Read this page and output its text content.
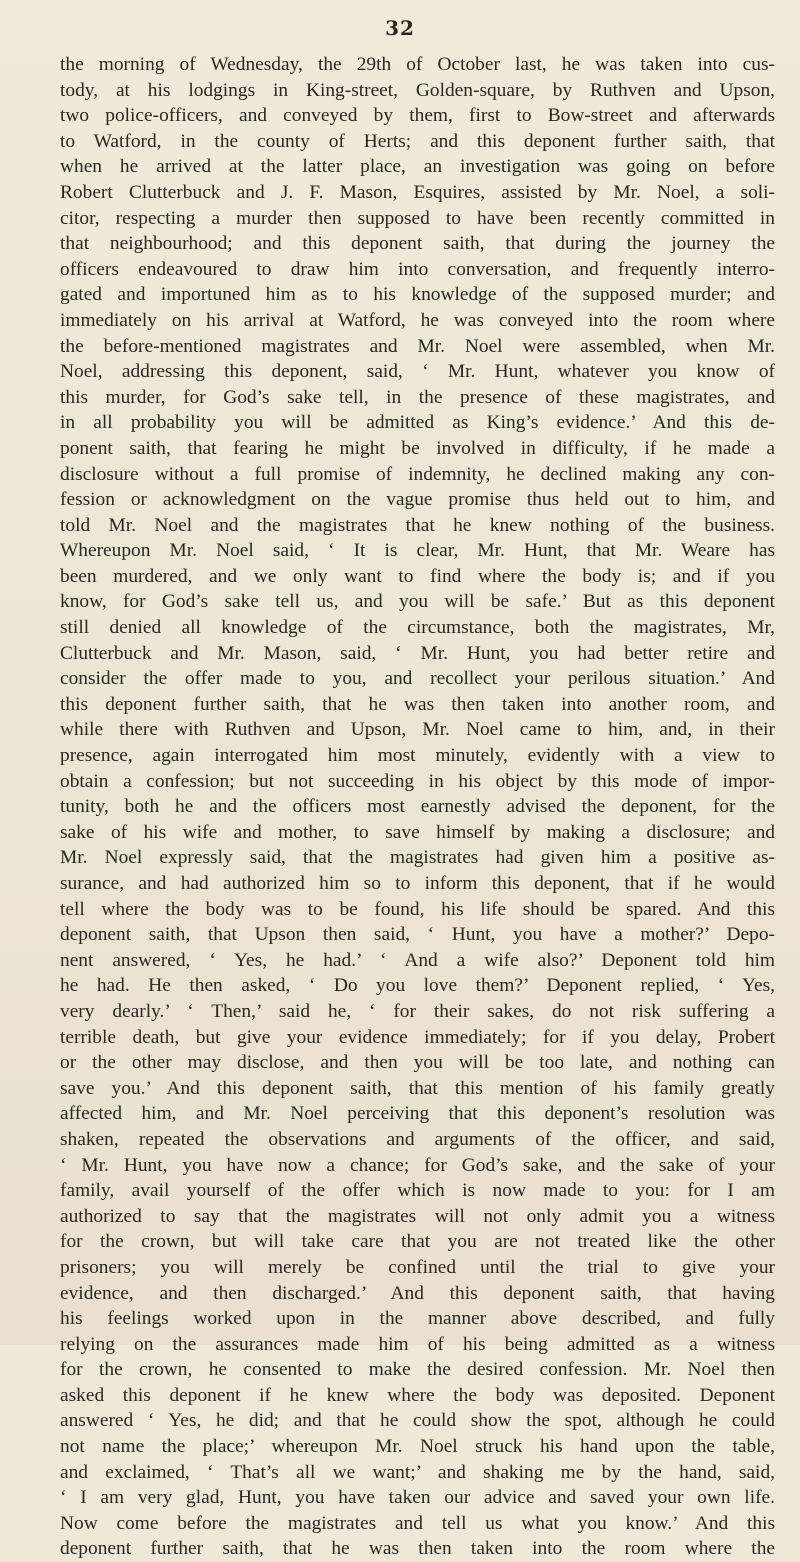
32
the morning of Wednesday, the 29th of October last, he was taken into cus-
tody, at his lodgings in King-street, Golden-square, by Ruthven and Upson,
two police-officers, and conveyed by them, first to Bow-street and afterwards
to Watford, in the county of Herts; and this deponent further saith, that
when he arrived at the latter place, an investigation was going on before
Robert Clutterbuck and J. F. Mason, Esquires, assisted by Mr. Noel, a soli-
citor, respecting a murder then supposed to have been recently committed in
that neighbourhood; and this deponent saith, that during the journey the
officers endeavoured to draw him into conversation, and frequently interro-
gated and importuned him as to his knowledge of the supposed murder; and
immediately on his arrival at Watford, he was conveyed into the room where
the before-mentioned magistrates and Mr. Noel were assembled, when Mr.
Noel, addressing this deponent, said, ‘ Mr. Hunt, whatever you know of
this murder, for God’s sake tell, in the presence of these magistrates, and
in all probability you will be admitted as King’s evidence.’ And this de-
ponent saith, that fearing he might be involved in difficulty, if he made a
disclosure without a full promise of indemnity, he declined making any con-
fession or acknowledgment on the vague promise thus held out to him, and
told Mr. Noel and the magistrates that he knew nothing of the business.
Whereupon Mr. Noel said, ‘ It is clear, Mr. Hunt, that Mr. Weare has
been murdered, and we only want to find where the body is; and if you
know, for God’s sake tell us, and you will be safe.’ But as this deponent
still denied all knowledge of the circumstance, both the magistrates, Mr,
Clutterbuck and Mr. Mason, said, ‘ Mr. Hunt, you had better retire and
consider the offer made to you, and recollect your perilous situation.’ And
this deponent further saith, that he was then taken into another room, and
while there with Ruthven and Upson, Mr. Noel came to him, and, in their
presence, again interrogated him most minutely, evidently with a view to
obtain a confession; but not succeeding in his object by this mode of impor-
tunity, both he and the officers most earnestly advised the deponent, for the
sake of his wife and mother, to save himself by making a disclosure; and
Mr. Noel expressly said, that the magistrates had given him a positive as-
surance, and had authorized him so to inform this deponent, that if he would
tell where the body was to be found, his life should be spared. And this
deponent saith, that Upson then said, ‘ Hunt, you have a mother?’ Depo-
nent answered, ‘ Yes, he had.’ ‘ And a wife also?’ Deponent told him
he had. He then asked, ‘ Do you love them?’ Deponent replied, ‘ Yes,
very dearly.’ ‘ Then,’ said he, ‘ for their sakes, do not risk suffering a
terrible death, but give your evidence immediately; for if you delay, Probert
or the other may disclose, and then you will be too late, and nothing can
save you.’ And this deponent saith, that this mention of his family greatly
affected him, and Mr. Noel perceiving that this deponent’s resolution was
shaken, repeated the observations and arguments of the officer, and said,
‘ Mr. Hunt, you have now a chance; for God’s sake, and the sake of your
family, avail yourself of the offer which is now made to you: for I am
authorized to say that the magistrates will not only admit you a witness
for the crown, but will take care that you are not treated like the other
prisoners; you will merely be confined until the trial to give your
evidence, and then discharged.’ And this deponent saith, that having
his feelings worked upon in the manner above described, and fully
relying on the assurances made him of his being admitted as a witness
for the crown, he consented to make the desired confession. Mr. Noel then
asked this deponent if he knew where the body was deposited. Deponent
answered ‘ Yes, he did; and that he could show the spot, although he could
not name the place;’ whereupon Mr. Noel struck his hand upon the table,
and exclaimed, ‘ That’s all we want;’ and shaking me by the hand, said,
‘ I am very glad, Hunt, you have taken our advice and saved your own life.
Now come before the magistrates and tell us what you know.’ And this
deponent further saith, that he was then taken into the room where the
